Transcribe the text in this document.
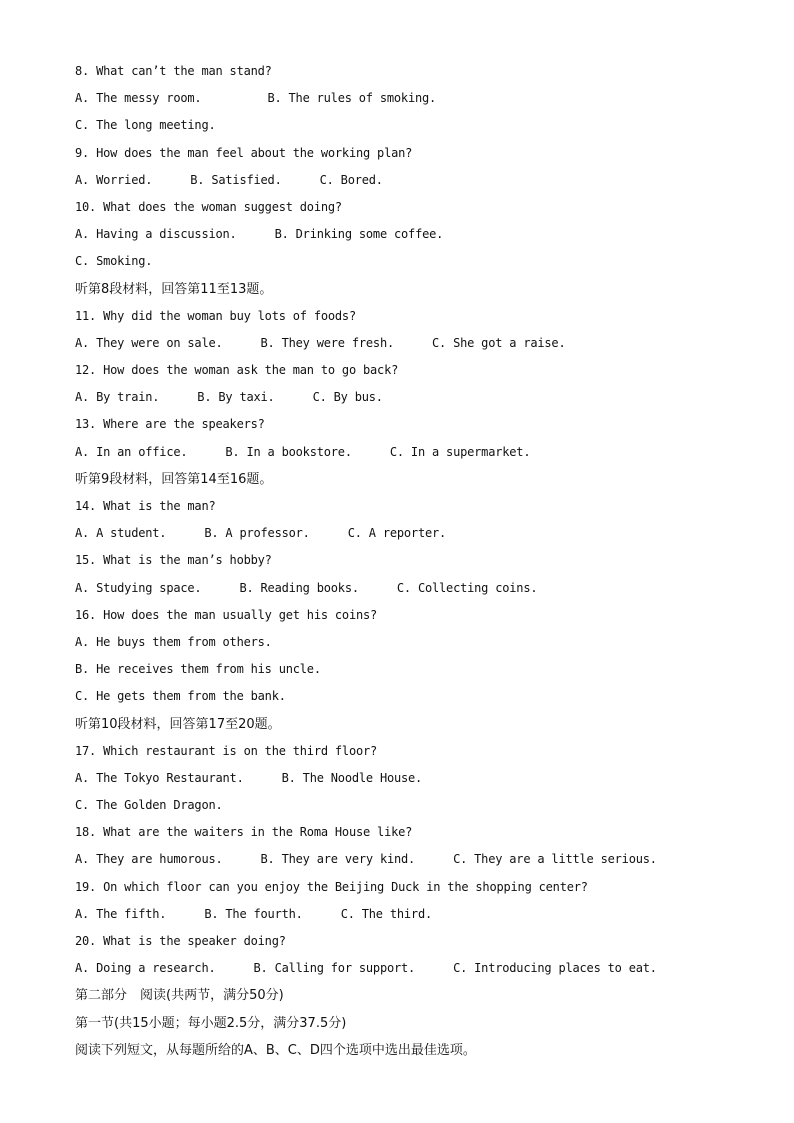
8. What can’t the man stand?
A. The messy room.	B. The rules of smoking.
C. The long meeting.
9. How does the man feel about the working plan?
A. Worried.	B. Satisfied.	C. Bored.
10. What does the woman suggest doing?
A. Having a discussion.	B. Drinking some coffee.
C. Smoking.
听第8段材料，回答第11至13题。
11. Why did the woman buy lots of foods?
A. They were on sale.	B. They were fresh.	C. She got a raise.
12. How does the woman ask the man to go back?
A. By train.	B. By taxi.	C. By bus.
13. Where are the speakers?
A. In an office.	B. In a bookstore.	C. In a supermarket.
听第9段材料，回答第14至16题。
14. What is the man?
A. A student.	B. A professor.	C. A reporter.
15. What is the man’s hobby?
A. Studying space.	B. Reading books.	C. Collecting coins.
16. How does the man usually get his coins?
A. He buys them from others.
B. He receives them from his uncle.
C. He gets them from the bank.
听第10段材料，回答第17至20题。
17. Which restaurant is on the third floor?
A. The Tokyo Restaurant.	B. The Noodle House.
C. The Golden Dragon.
18. What are the waiters in the Roma House like?
A. They are humorous.	B. They are very kind.	C. They are a little serious.
19. On which floor can you enjoy the Beijing Duck in the shopping center?
A. The fifth.	B. The fourth.	C. The third.
20. What is the speaker doing?
A. Doing a research.	B. Calling for support.	C. Introducing places to eat.
第二部分　阅读(共两节，满分50分)
第一节(共15小题；每小题2.5分，满分37.5分)
阅读下列短文，从每题所给的A、B、C、D四个选项中选出最佳选项。
